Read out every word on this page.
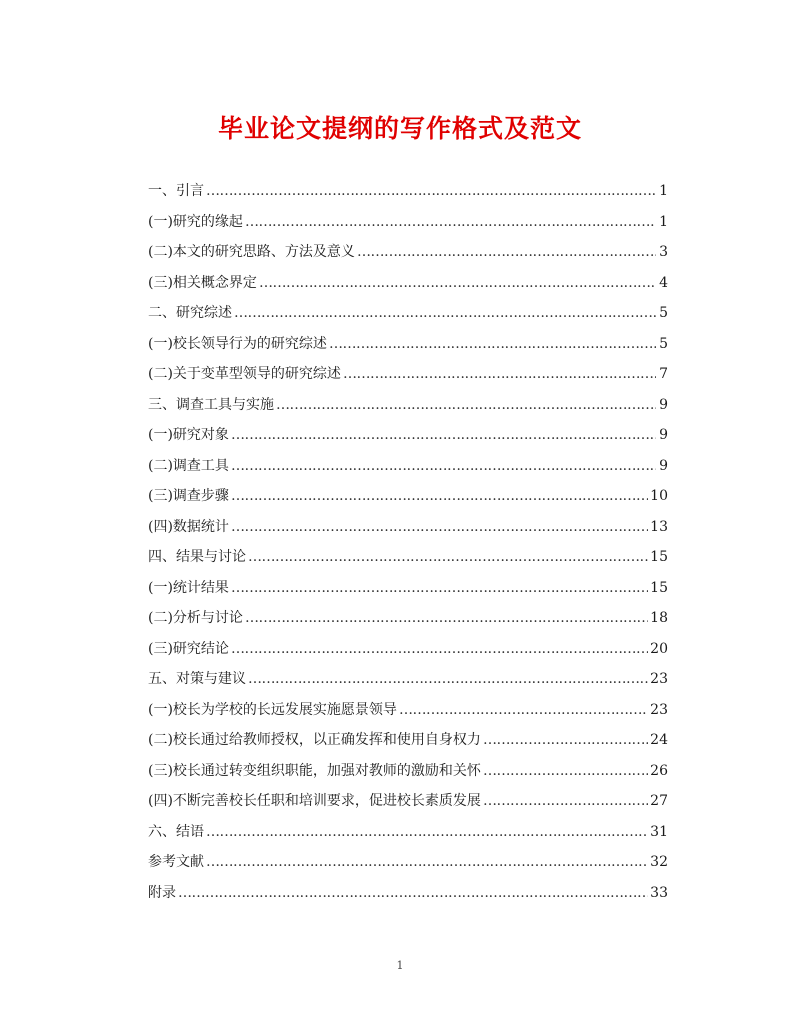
毕业论文提纲的写作格式及范文
一、引言 ………………………………………………………………………………………………………………………………………………………………………………	1
(一)研究的缘起 ………………………………………………………………………………………………………………………………………………………………………………	1
(二)本文的研究思路、方法及意义 ………………………………………………………………………………………………………………………………………………………………………………	3
(三)相关概念界定 ………………………………………………………………………………………………………………………………………………………………………………	4
二、研究综述 ………………………………………………………………………………………………………………………………………………………………………………	5
(一)校长领导行为的研究综述 ………………………………………………………………………………………………………………………………………………………………………………	5
(二)关于变革型领导的研究综述 ………………………………………………………………………………………………………………………………………………………………………………	7
三、调查工具与实施 ………………………………………………………………………………………………………………………………………………………………………………	9
(一)研究对象 ………………………………………………………………………………………………………………………………………………………………………………	9
(二)调查工具 ………………………………………………………………………………………………………………………………………………………………………………	9
(三)调查步骤 ………………………………………………………………………………………………………………………………………………………………………………	10
(四)数据统计 ………………………………………………………………………………………………………………………………………………………………………………	13
四、结果与讨论 ………………………………………………………………………………………………………………………………………………………………………………	15
(一)统计结果 ………………………………………………………………………………………………………………………………………………………………………………	15
(二)分析与讨论 ………………………………………………………………………………………………………………………………………………………………………………	18
(三)研究结论 ………………………………………………………………………………………………………………………………………………………………………………	20
五、对策与建议 ………………………………………………………………………………………………………………………………………………………………………………	23
(一)校长为学校的长远发展实施愿景领导 ………………………………………………………………………………………………………………………………………………………………………………	23
(二)校长通过给教师授权，以正确发挥和使用自身权力 ………………………………………………………………………………………………………………………………………………………………………………	24
(三)校长通过转变组织职能，加强对教师的激励和关怀 ………………………………………………………………………………………………………………………………………………………………………………	26
(四)不断完善校长任职和培训要求，促进校长素质发展 ………………………………………………………………………………………………………………………………………………………………………………	27
六、结语 ………………………………………………………………………………………………………………………………………………………………………………	31
参考文献 ………………………………………………………………………………………………………………………………………………………………………………	32
附录 ………………………………………………………………………………………………………………………………………………………………………………	33
1
